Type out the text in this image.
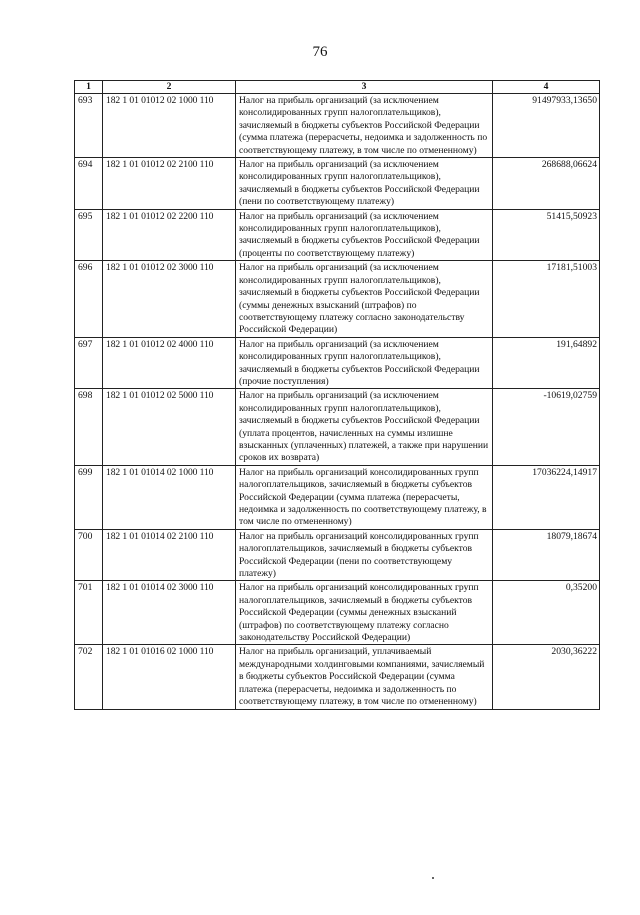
76
1	2	3	4
693	182 1 01 01012 02 1000 110	Налог на прибыль организаций (за исключением консолидированных групп налогоплательщиков), зачисляемый в бюджеты субъектов Российской Федерации (сумма платежа (перерасчеты, недоимка и задолженность по соответствующему платежу, в том числе по отмененному)	91497933,13650
694	182 1 01 01012 02 2100 110	Налог на прибыль организаций (за исключением консолидированных групп налогоплательщиков), зачисляемый в бюджеты субъектов Российской Федерации (пени по соответствующему платежу)	268688,06624
695	182 1 01 01012 02 2200 110	Налог на прибыль организаций (за исключением консолидированных групп налогоплательщиков), зачисляемый в бюджеты субъектов Российской Федерации (проценты по соответствующему платежу)	51415,50923
696	182 1 01 01012 02 3000 110	Налог на прибыль организаций (за исключением консолидированных групп налогоплательщиков), зачисляемый в бюджеты субъектов Российской Федерации (суммы денежных взысканий (штрафов) по соответствующему платежу согласно законодательству Российской Федерации)	17181,51003
697	182 1 01 01012 02 4000 110	Налог на прибыль организаций (за исключением консолидированных групп налогоплательщиков), зачисляемый в бюджеты субъектов Российской Федерации (прочие поступления)	191,64892
698	182 1 01 01012 02 5000 110	Налог на прибыль организаций (за исключением консолидированных групп налогоплательщиков), зачисляемый в бюджеты субъектов Российской Федерации (уплата процентов, начисленных на суммы излишне взысканных (уплаченных) платежей, а также при нарушении сроков их возврата)	-10619,02759
699	182 1 01 01014 02 1000 110	Налог на прибыль организаций консолидированных групп налогоплательщиков, зачисляемый в бюджеты субъектов Российской Федерации (сумма платежа (перерасчеты, недоимка и задолженность по соответствующему платежу, в том числе по отмененному)	17036224,14917
700	182 1 01 01014 02 2100 110	Налог на прибыль организаций консолидированных групп налогоплательщиков, зачисляемый в бюджеты субъектов Российской Федерации (пени по соответствующему платежу)	18079,18674
701	182 1 01 01014 02 3000 110	Налог на прибыль организаций консолидированных групп налогоплательщиков, зачисляемый в бюджеты субъектов Российской Федерации (суммы денежных взысканий (штрафов) по соответствующему платежу согласно законодательству Российской Федерации)	0,35200
702	182 1 01 01016 02 1000 110	Налог на прибыль организаций, уплачиваемый международными холдинговыми компаниями, зачисляемый в бюджеты субъектов Российской Федерации (сумма платежа (перерасчеты, недоимка и задолженность по соответствующему платежу, в том числе по отмененному)	2030,36222
